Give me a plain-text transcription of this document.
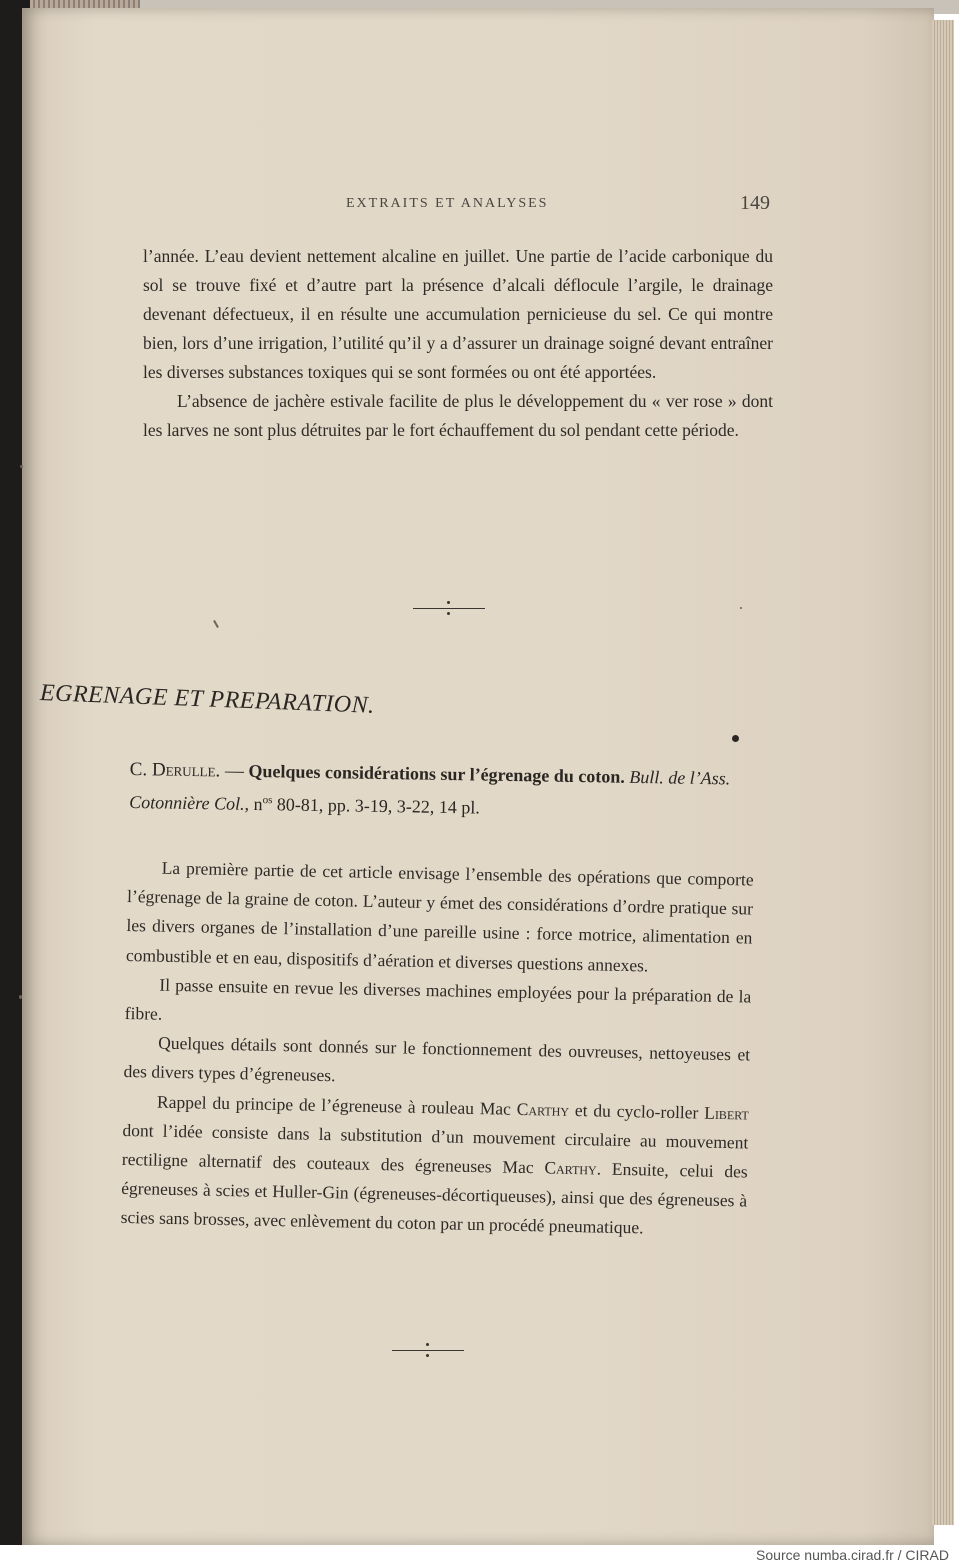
EXTRAITS ET ANALYSES	149

l’année. L’eau devient nettement alcaline en juillet. Une partie de l’acide carbonique du sol se trouve fixé et d’autre part la présence d’alcali déflocule l’argile, le drainage devenant défectueux, il en résulte une accumulation pernicieuse du sel. Ce qui montre bien, lors d’une irrigation, l’utilité qu’il y a d’assurer un drainage soigné devant entraîner les diverses substances toxiques qui se sont formées ou ont été apportées.

L’absence de jachère estivale facilite de plus le développement du « ver rose » dont les larves ne sont plus détruites par le fort échauffement du sol pendant cette période.

EGRENAGE ET PREPARATION.
C. Derulle. — Quelques considérations sur l’égrenage du coton. Bull. de l’Ass. Cotonnière Col., $n^{os}$ 80-81, pp. 3-19, 3-22, 14 pl.

La première partie de cet article envisage l’ensemble des opérations que comporte l’égrenage de la graine de coton. L’auteur y émet des considérations d’ordre pratique sur les divers organes de l’installation d’une pareille usine : force motrice, alimentation en combustible et en eau, dispositifs d’aération et diverses questions annexes.

Il passe ensuite en revue les diverses machines employées pour la préparation de la fibre.

Quelques détails sont donnés sur le fonctionnement des ouvreuses, nettoyeuses et des divers types d’égreneuses.

Rappel du principe de l’égreneuse à rouleau Mac Carthy et du cyclo-roller Libert dont l’idée consiste dans la substitution d’un mouvement circulaire au mouvement rectiligne alternatif des couteaux des égreneuses Mac Carthy. Ensuite, celui des égreneuses à scies et Huller-Gin (égreneuses-décortiqueuses), ainsi que des égreneuses à scies sans brosses, avec enlèvement du coton par un procédé pneumatique.

Source numba.cirad.fr / CIRAD
